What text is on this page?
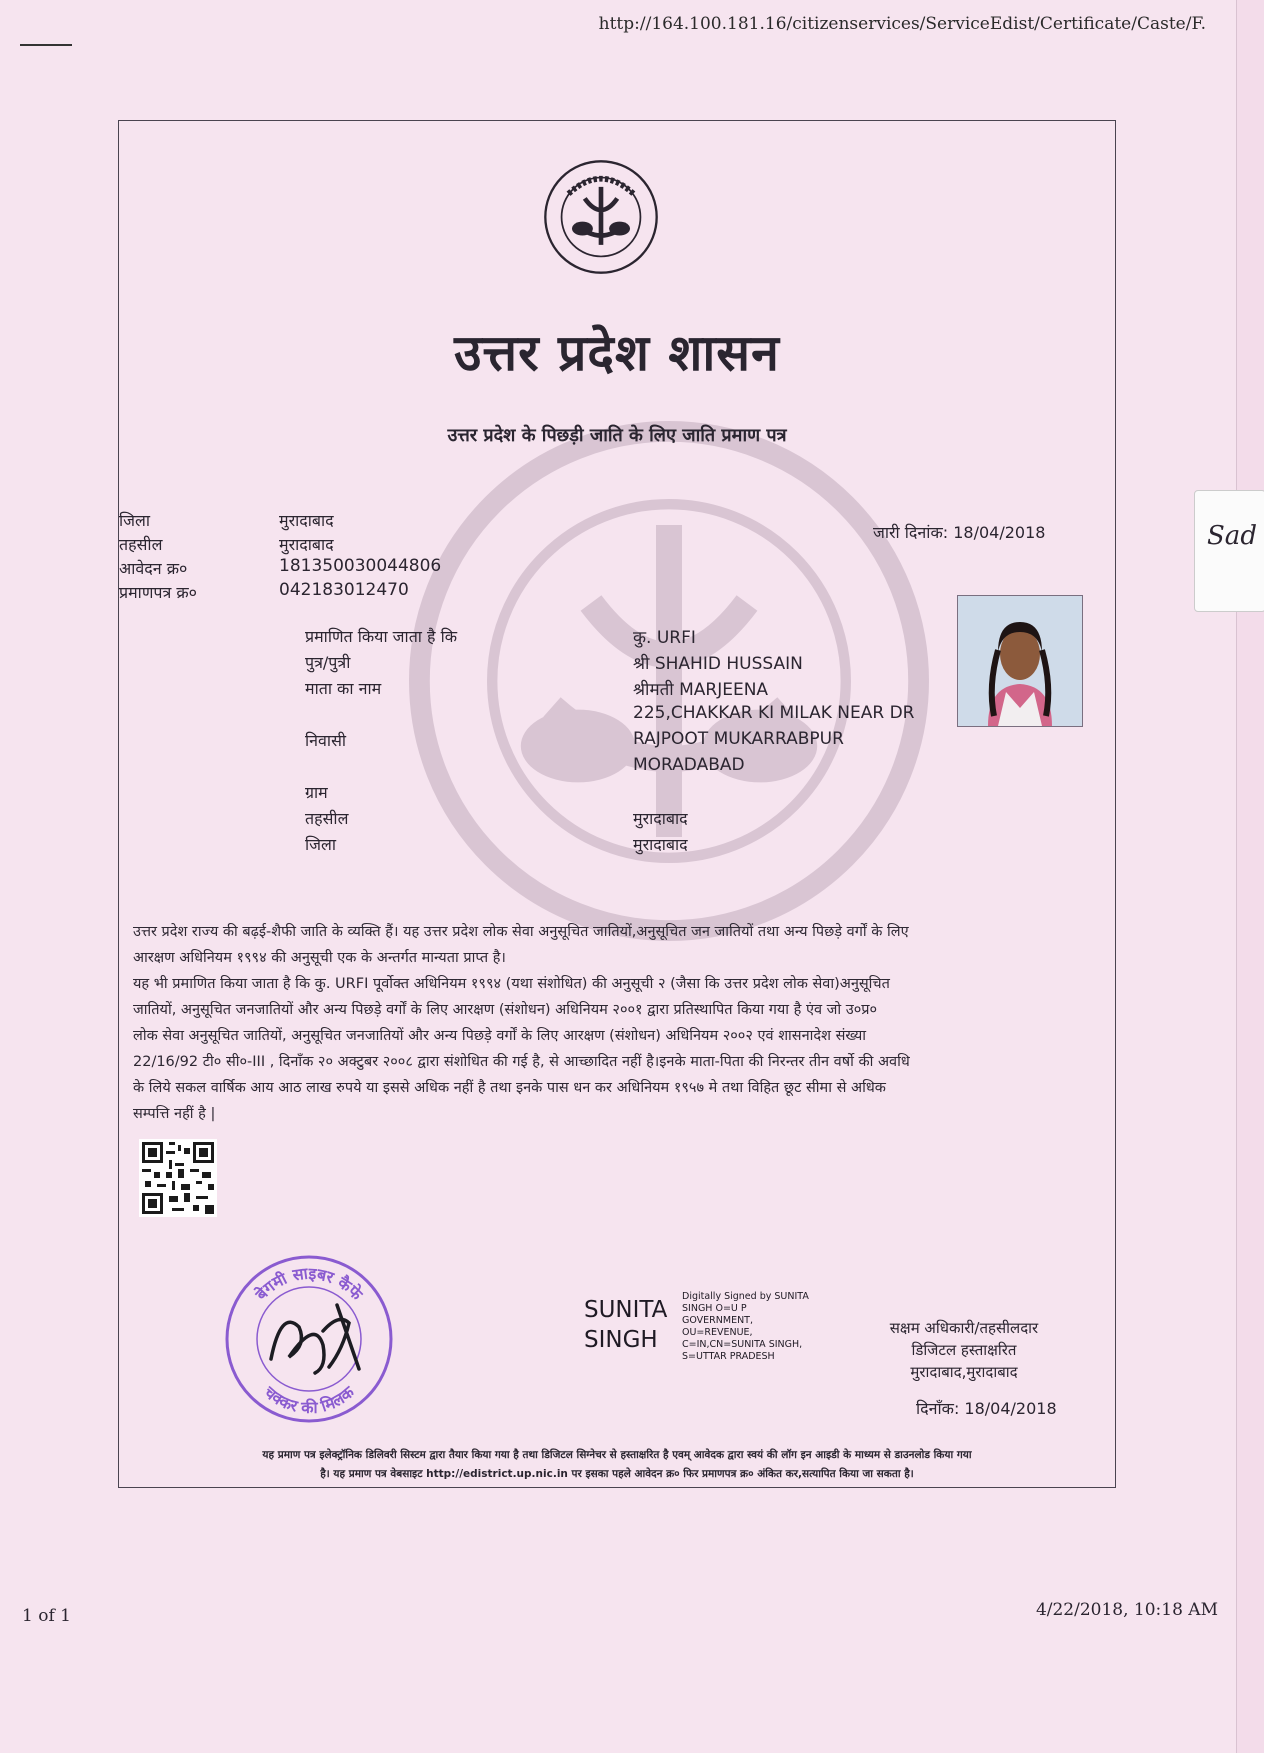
http://164.100.181.16/citizenservices/ServiceEdist/Certificate/Caste/F.
उत्तर प्रदेश शासन
उत्तर प्रदेश के पिछड़ी जाति के लिए जाति प्रमाण पत्र
जिला	मुरादाबाद
तहसील	मुरादाबाद
आवेदन क्र०	181350030044806
प्रमाणपत्र क्र०	042183012470
जारी दिनांक: 18/04/2018
प्रमाणित किया जाता है कि	कु. URFI
पुत्र/पुत्री	श्री SHAHID HUSSAIN
माता का नाम	श्रीमती MARJEENA
225,CHAKKAR KI MILAK NEAR DR
निवासी	RAJPOOT MUKARRABPUR
MORADABAD
ग्राम
तहसील	मुरादाबाद
जिला	मुरादाबाद

उत्तर प्रदेश राज्य की बढ़ई-शैफी जाति के व्यक्ति हैं। यह उत्तर प्रदेश लोक सेवा अनुसूचित जातियों,अनुसूचित जन जातियों तथा अन्य पिछड़े वर्गों के लिए

आरक्षण अधिनियम १९९४ की अनुसूची एक के अन्तर्गत मान्यता प्राप्त है।

यह भी प्रमाणित किया जाता है कि कु. URFI पूर्वोक्त अधिनियम १९९४ (यथा संशोधित) की अनुसूची २ (जैसा कि उत्तर प्रदेश लोक सेवा)अनुसूचित

जातियों, अनुसूचित जनजातियों और अन्य पिछड़े वर्गों के लिए आरक्षण (संशोधन) अधिनियम २००१ द्वारा प्रतिस्थापित किया गया है एंव जो उ०प्र०

लोक सेवा अनुसूचित जातियों, अनुसूचित जनजातियों और अन्य पिछड़े वर्गों के लिए आरक्षण (संशोधन) अधिनियम २००२ एवं शासनादेश संख्या

22/16/92 टी० सी०-III , दिनाँक २० अक्टुबर २००८ द्वारा संशोधित की गई है, से आच्छादित नहीं है।इनके माता-पिता की निरन्तर तीन वर्षो की अवधि

के लिये सकल वार्षिक आय आठ लाख रुपये या इससे अधिक नहीं है तथा इनके पास धन कर अधिनियम १९५७ मे तथा विहित छूट सीमा से अधिक

सम्पत्ति नहीं है |

बेगमी साइबर कैफे
चक्कर की मिलक
SUNITA
SINGH
Digitally Signed by SUNITA
SINGH O=U P
GOVERNMENT,
OU=REVENUE,
C=IN,CN=SUNITA SINGH,
S=UTTAR PRADESH
सक्षम अधिकारी/तहसीलदार
डिजिटल हस्ताक्षरित
मुरादाबाद,मुरादाबाद
दिनाँक: 18/04/2018
यह प्रमाण पत्र इलेक्ट्रॉनिक डिलिवरी सिस्टम द्वारा तैयार किया गया है तथा डिजिटल सिग्नेचर से हस्ताक्षरित है एवम् आवेदक द्वारा स्वयं की लॉग इन आइडी के माध्यम से डाउनलोड किया गया
है। यह प्रमाण पत्र वेबसाइट http://edistrict.up.nic.in पर इसका पहले आवेदन क्र० फिर प्रमाणपत्र क्र० अंकित कर,सत्यापित किया जा सकता है।
1 of 1	4/22/2018, 10:18 AM
Sad
